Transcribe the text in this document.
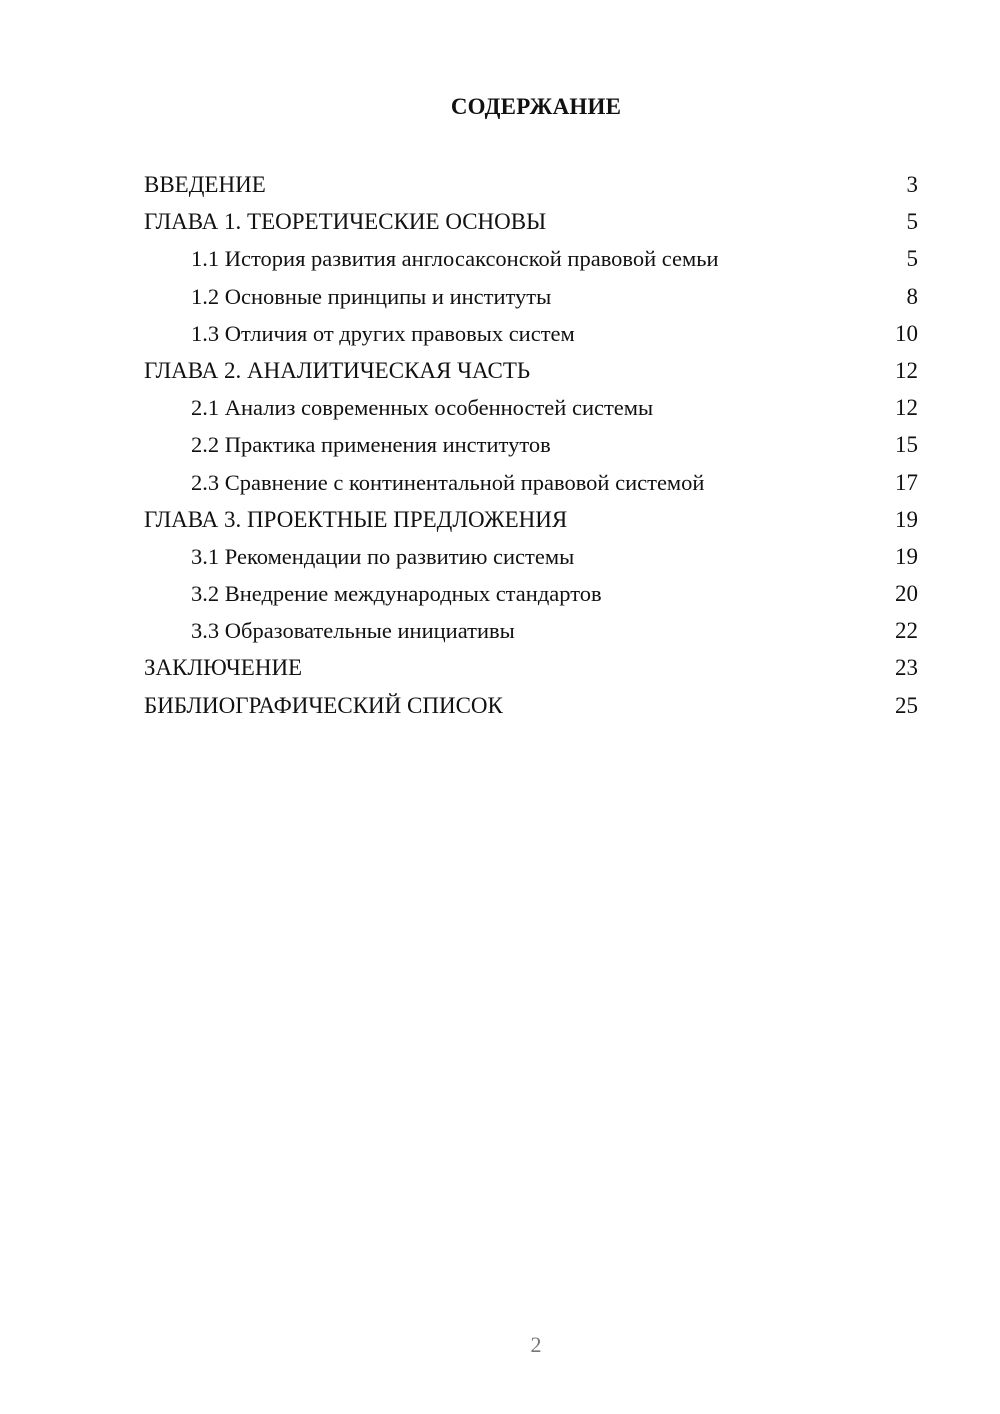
СОДЕРЖАНИЕ
ВВЕДЕНИЕ	3
ГЛАВА 1. ТЕОРЕТИЧЕСКИЕ ОСНОВЫ	5
1.1 История развития англосаксонской правовой семьи	5
1.2 Основные принципы и институты	8
1.3 Отличия от других правовых систем	10
ГЛАВА 2. АНАЛИТИЧЕСКАЯ ЧАСТЬ	12
2.1 Анализ современных особенностей системы	12
2.2 Практика применения институтов	15
2.3 Сравнение с континентальной правовой системой	17
ГЛАВА 3. ПРОЕКТНЫЕ ПРЕДЛОЖЕНИЯ	19
3.1 Рекомендации по развитию системы	19
3.2 Внедрение международных стандартов	20
3.3 Образовательные инициативы	22
ЗАКЛЮЧЕНИЕ	23
БИБЛИОГРАФИЧЕСКИЙ СПИСОК	25
2
